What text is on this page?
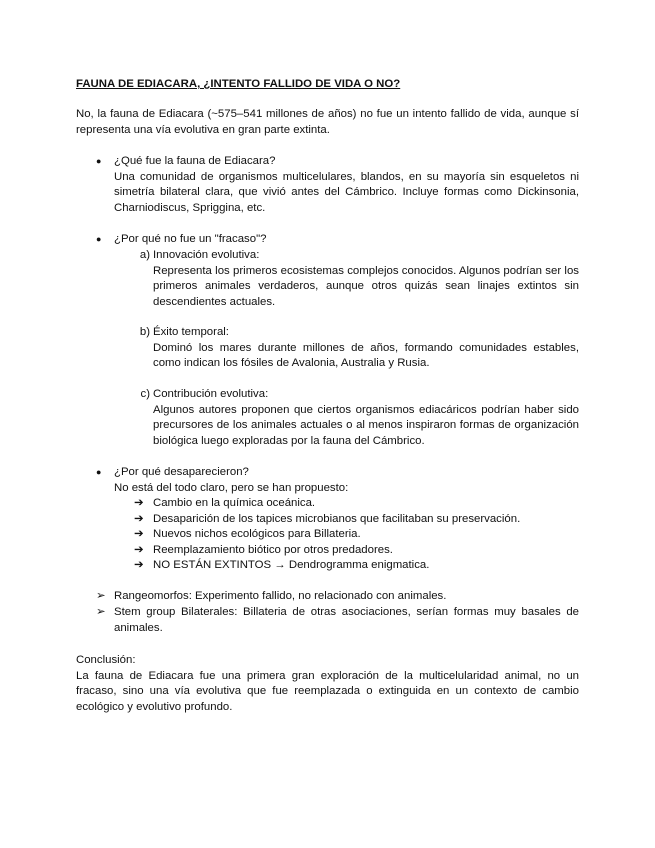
FAUNA DE EDIACARA, ¿INTENTO FALLIDO DE VIDA O NO?
No, la fauna de Ediacara (~575–541 millones de años) no fue un intento fallido de vida, aunque sí representa una vía evolutiva en gran parte extinta.
● ¿Qué fue la fauna de Ediacara?
Una comunidad de organismos multicelulares, blandos, en su mayoría sin esqueletos ni simetría bilateral clara, que vivió antes del Cámbrico. Incluye formas como Dickinsonia, Charniodiscus, Spriggina, etc.
● ¿Por qué no fue un "fracaso"?
a) Innovación evolutiva:
Representa los primeros ecosistemas complejos conocidos. Algunos podrían ser los primeros animales verdaderos, aunque otros quizás sean linajes extintos sin descendientes actuales.
b) Éxito temporal:
Dominó los mares durante millones de años, formando comunidades estables, como indican los fósiles de Avalonia, Australia y Rusia.
c) Contribución evolutiva:
Algunos autores proponen que ciertos organismos ediacáricos podrían haber sido precursores de los animales actuales o al menos inspiraron formas de organización biológica luego exploradas por la fauna del Cámbrico.
● ¿Por qué desaparecieron?
No está del todo claro, pero se han propuesto:
➔ Cambio en la química oceánica.
➔ Desaparición de los tapices microbianos que facilitaban su preservación.
➔ Nuevos nichos ecológicos para Billateria.
➔ Reemplazamiento biótico por otros predadores.
➔ NO ESTÁN EXTINTOS → Dendrogramma enigmatica.
➢ Rangeomorfos: Experimento fallido, no relacionado con animales.
➢ Stem group Bilaterales: Billateria de otras asociaciones, serían formas muy basales de animales.
Conclusión:
La fauna de Ediacara fue una primera gran exploración de la multicelularidad animal, no un fracaso, sino una vía evolutiva que fue reemplazada o extinguida en un contexto de cambio ecológico y evolutivo profundo.
